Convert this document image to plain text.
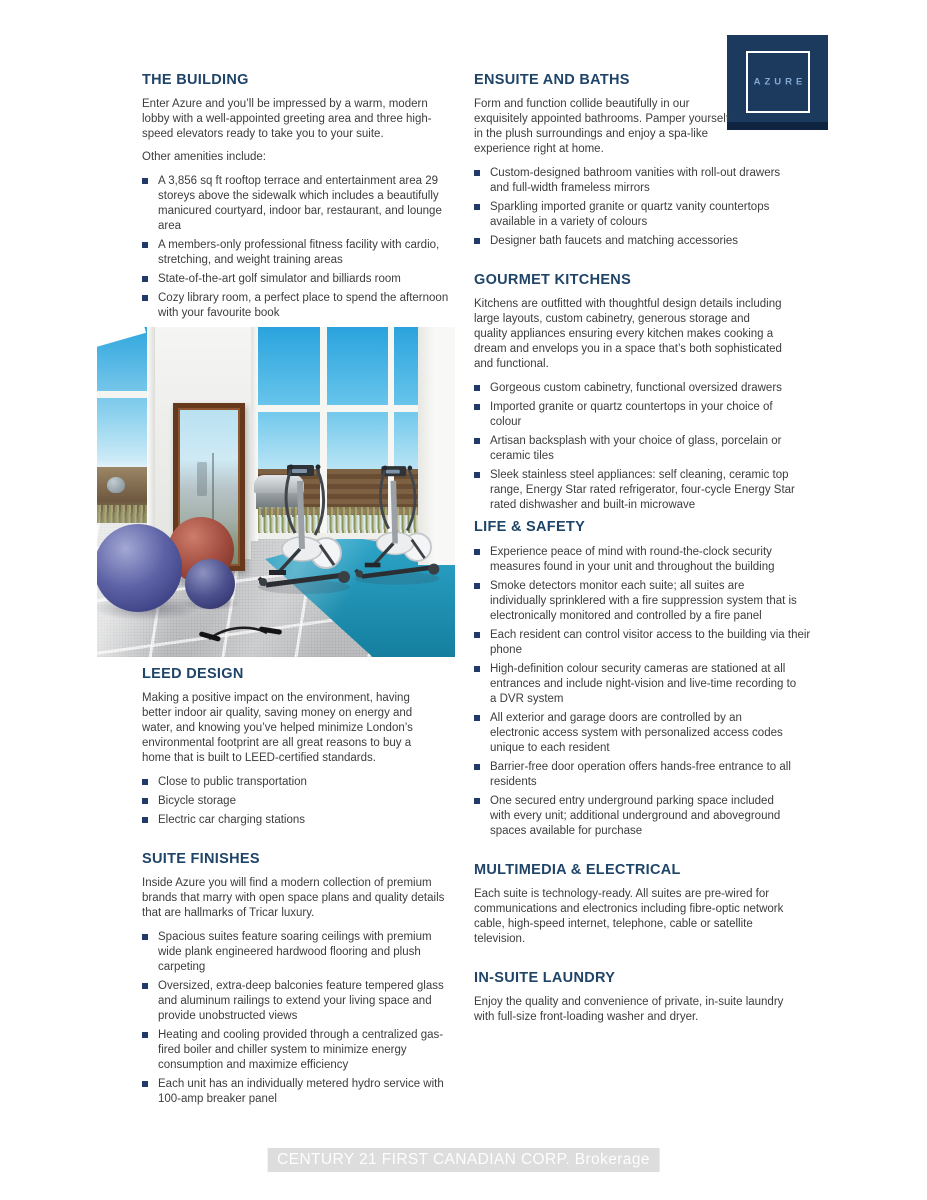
AZURE
THE BUILDING

Enter Azure and you’ll be impressed by a warm, modern lobby with a well-appointed greeting area and three high-speed elevators ready to take you to your suite.

Other amenities include:

A 3,856 sq ft rooftop terrace and entertainment area 29 storeys above the sidewalk which includes a beautifully manicured courtyard, indoor bar, restaurant, and lounge area
A members-only professional fitness facility with cardio, stretching, and weight training areas
State-of-the-art golf simulator and billiards room
Cozy library room, a perfect place to spend the afternoon with your favourite book
LEED DESIGN

Making a positive impact on the environment, having better indoor air quality, saving money on energy and water, and knowing you’ve helped minimize London’s environmental footprint are all great reasons to buy a home that is built to LEED-certified standards.

Close to public transportation
Bicycle storage
Electric car charging stations
SUITE FINISHES

Inside Azure you will find a modern collection of premium brands that marry with open space plans and quality details that are hallmarks of Tricar luxury.

Spacious suites feature soaring ceilings with premium wide plank engineered hardwood flooring and plush carpeting
Oversized, extra-deep balconies feature tempered glass and aluminum railings to extend your living space and provide unobstructed views
Heating and cooling provided through a centralized gas-fired boiler and chiller system to minimize energy consumption and maximize efficiency
Each unit has an individually metered hydro service with 100-amp breaker panel
ENSUITE AND BATHS

Form and function collide beautifully in our exquisitely appointed bathrooms. Pamper yourself in the plush surroundings and enjoy a spa-like experience right at home.

Custom-designed bathroom vanities with roll-out drawers and full-width frameless mirrors
Sparkling imported granite or quartz vanity countertops available in a variety of colours
Designer bath faucets and matching accessories
GOURMET KITCHENS

Kitchens are outfitted with thoughtful design details including large layouts, custom cabinetry, generous storage and quality appliances ensuring every kitchen makes cooking a dream and envelops you in a space that’s both sophisticated and functional.

Gorgeous custom cabinetry, functional oversized drawers
Imported granite or quartz countertops in your choice of colour
Artisan backsplash with your choice of glass, porcelain or ceramic tiles
Sleek stainless steel appliances: self cleaning, ceramic top range, Energy Star rated refrigerator, four-cycle Energy Star rated dishwasher and built-in microwave
LIFE & SAFETY
Experience peace of mind with round-the-clock security measures found in your unit and throughout the building
Smoke detectors monitor each suite; all suites are individually sprinklered with a fire suppression system that is electronically monitored and controlled by a fire panel
Each resident can control visitor access to the building via their phone
High-definition colour security cameras are stationed at all entrances and include night-vision and live-time recording to a DVR system
All exterior and garage doors are controlled by an electronic access system with personalized access codes unique to each resident
Barrier-free door operation offers hands-free entrance to all residents
One secured entry underground parking space included with every unit; additional underground and aboveground spaces available for purchase
MULTIMEDIA & ELECTRICAL

Each suite is technology-ready. All suites are pre-wired for communications and electronics including fibre-optic network cable, high-speed internet, telephone, cable or satellite television.

IN-SUITE LAUNDRY

Enjoy the quality and convenience of private, in-suite laundry with full-size front-loading washer and dryer.

CENTURY 21 FIRST CANADIAN CORP. Brokerage
